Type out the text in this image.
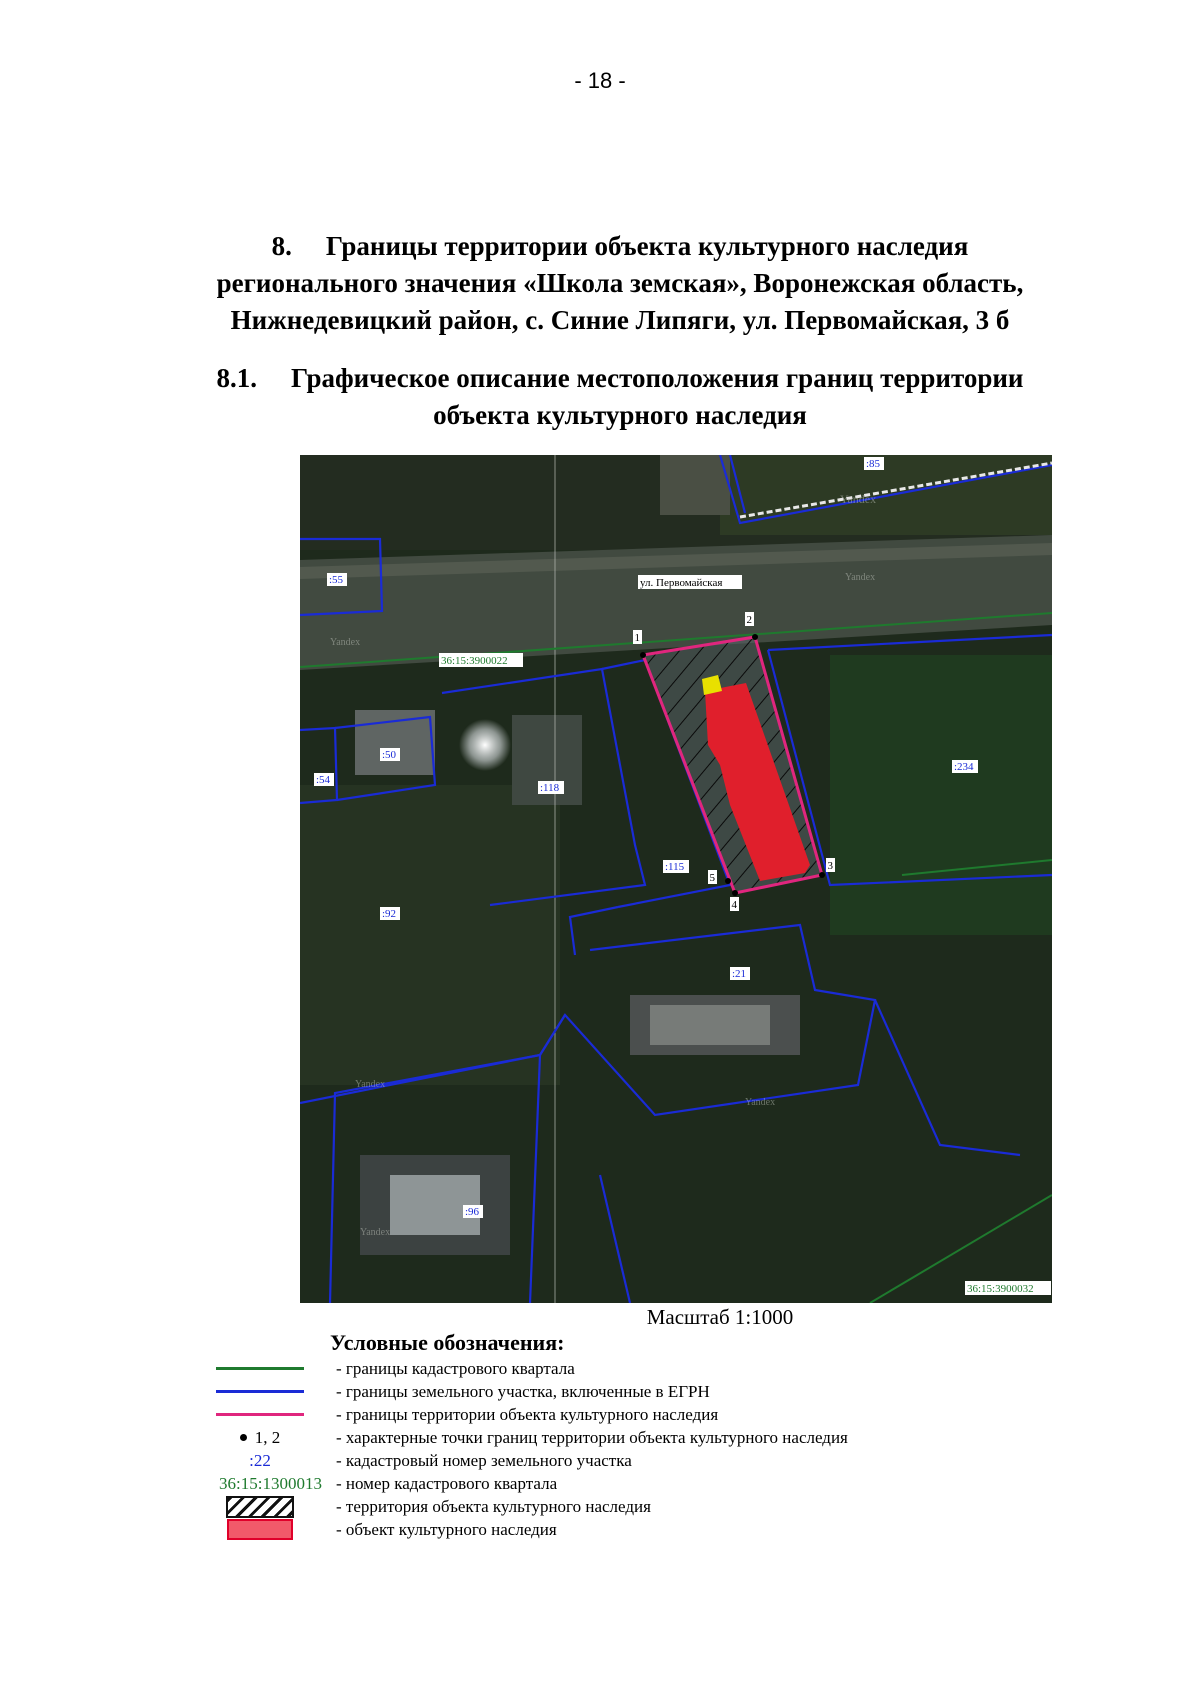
- 18 -
8. Границы территории объекта культурного наследия
регионального значения «Школа земская», Воронежская область,
Нижнедевицкий район, с. Синие Липяги, ул. Первомайская, 3 б
8.1. Графическое описание местоположения границ территории
объекта культурного наследия
1
2
3
4
5
ул. Первомайская
36:15:3900022
36:15:3900032
:85
:55
:50
:54
:118
:115
:234
:92
:21
:96
Yandex
Yandex
Yandex
Yandex
Yandex
Yandex
Масштаб 1:1000
Условные обозначения:
- границы кадастрового квартала
- границы земельного участка, включенные в ЕГРН
- границы территории объекта культурного наследия
1, 2	- характерные точки границ территории объекта культурного наследия
:22	- кадастровый номер земельного участка
36:15:1300013 - номер кадастрового квартала
- территория объекта культурного наследия
- объект культурного наследия
